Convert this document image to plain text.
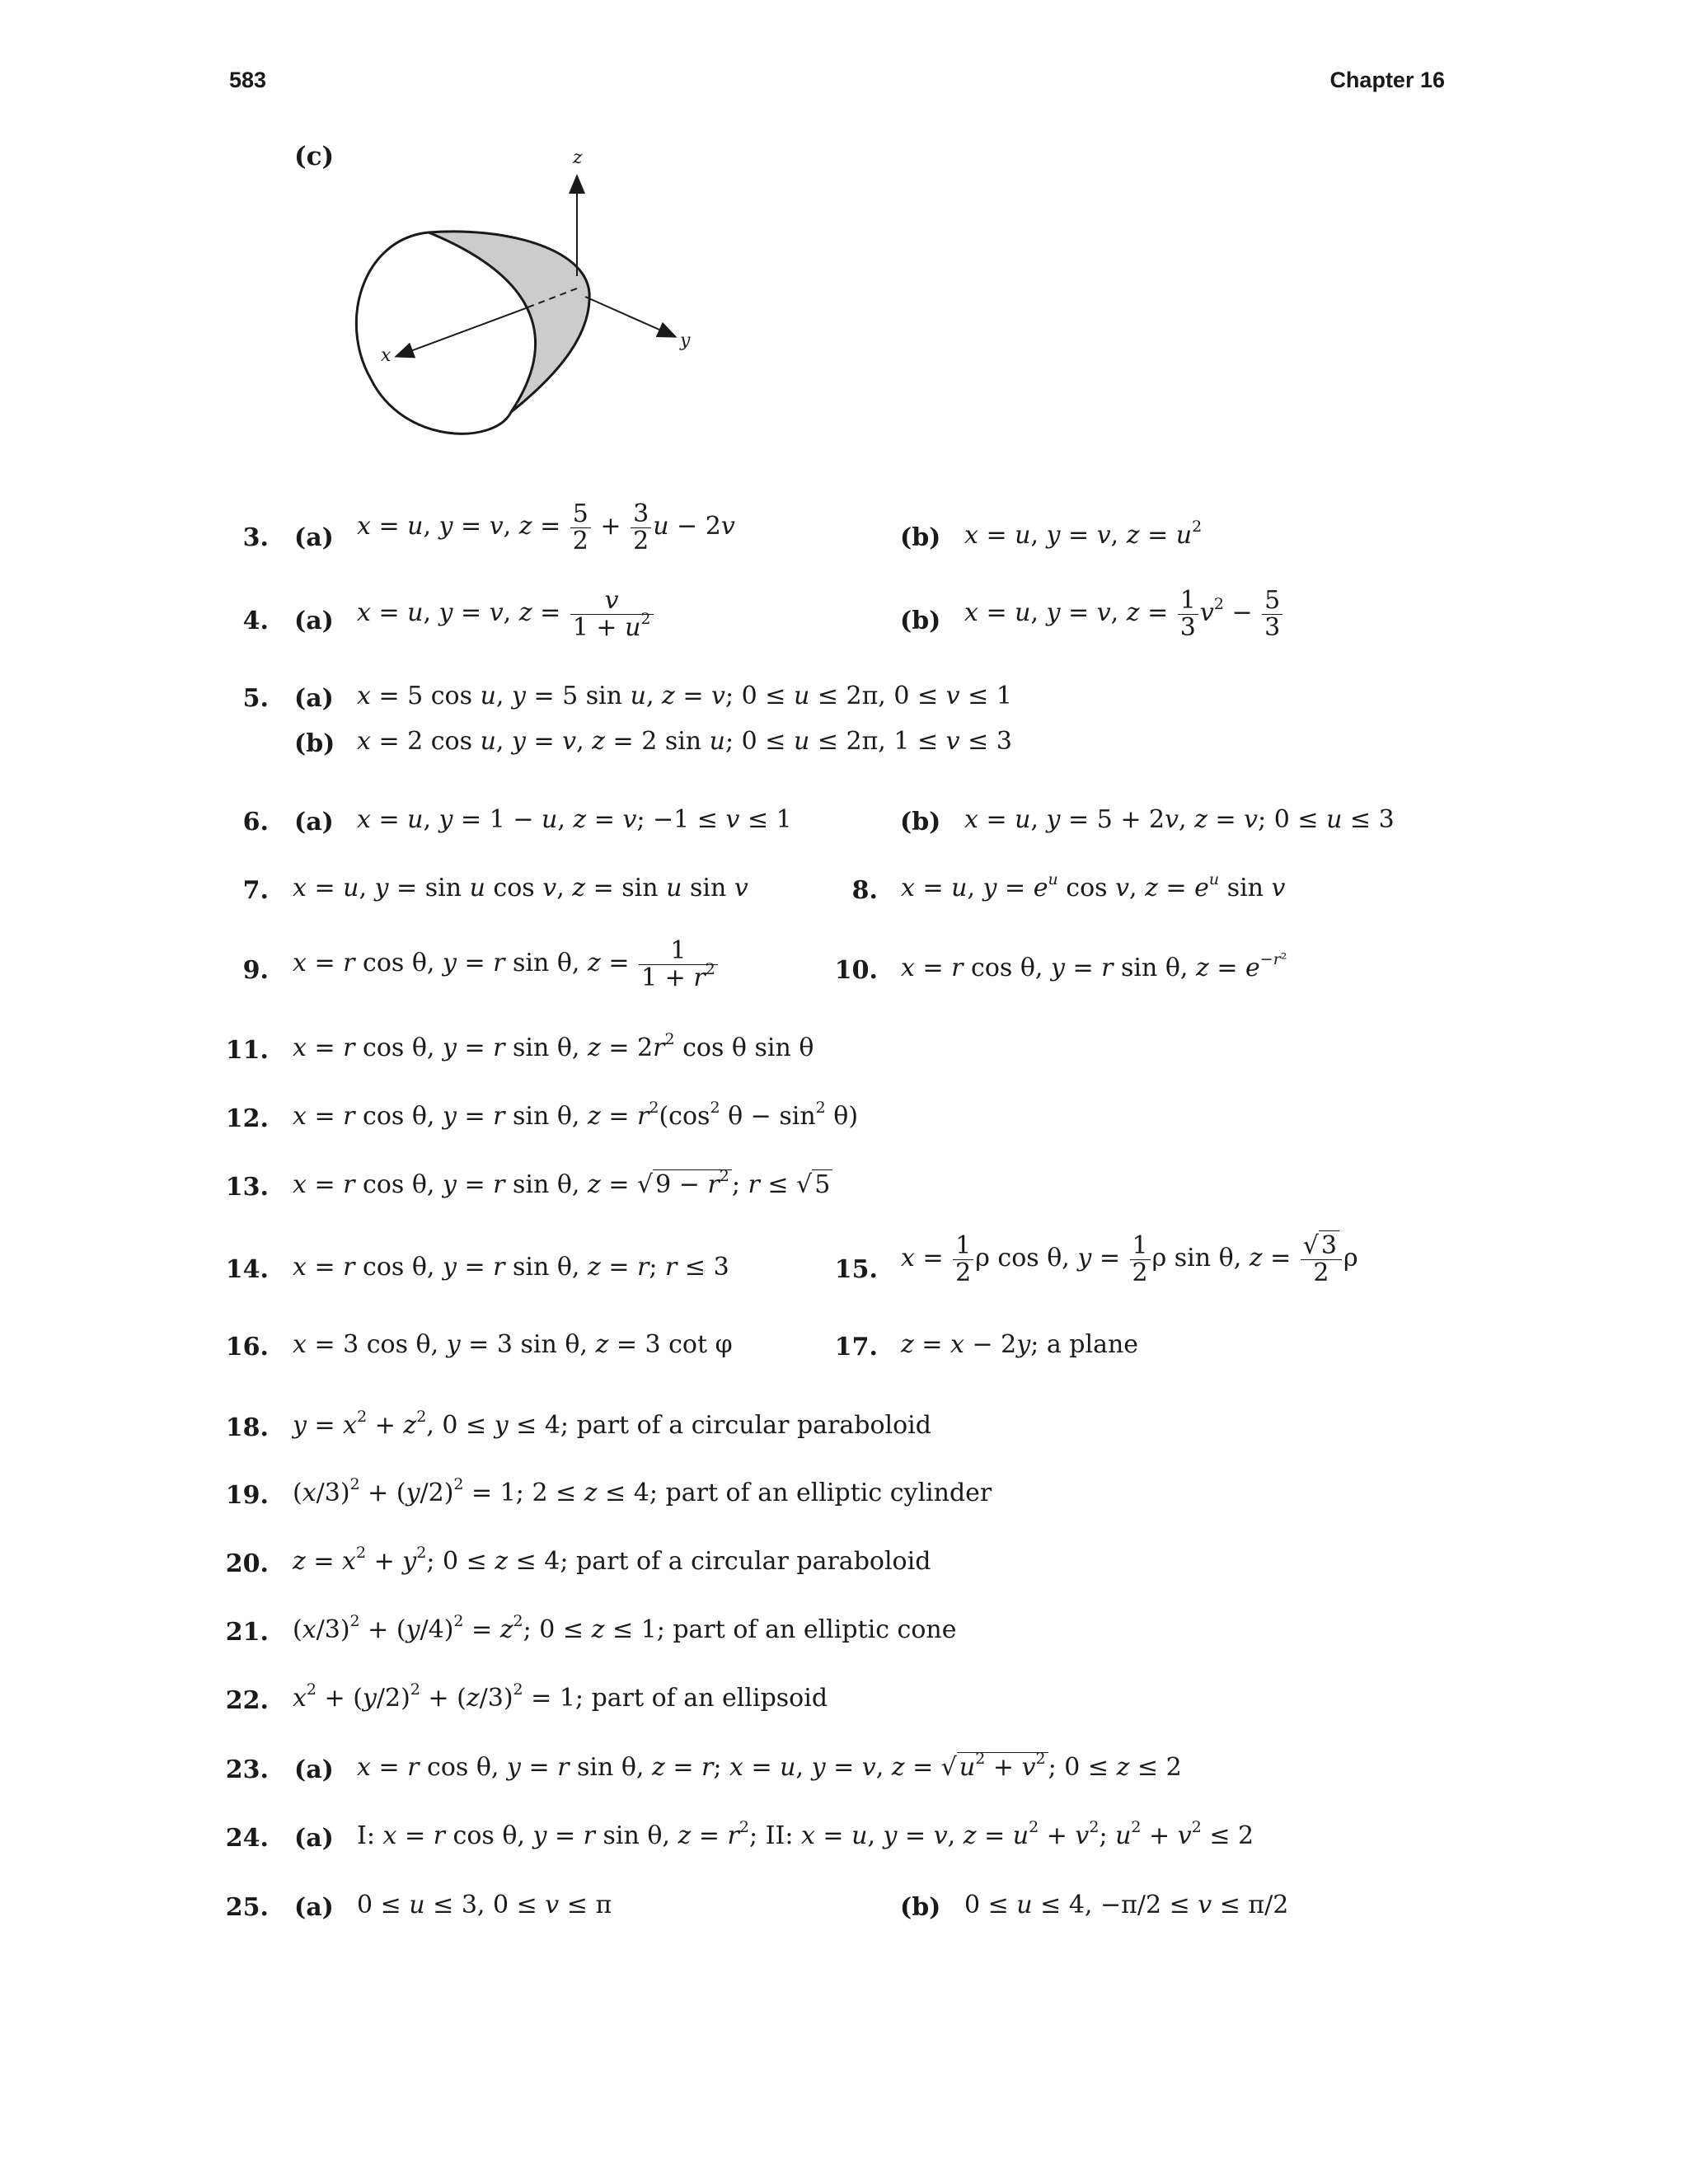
583	Chapter 16
(c)	z
y
x
3. (a) x = u, y = v, $z = \frac{5}{2} + \frac{3}{2}$ u − 2v	(b) x = u, y = v, $z = u^2$
4. (a) x = u, y = v, $z = \frac{v}{1 + u^2}$	(b) x = u, y = v, $z = \frac{1}{3} v^2 - \frac{5}{3}$
5. (a) x = 5 cos u, y = 5 sin u, z = v; 0 ≤ u ≤ 2π, 0 ≤ v ≤ 1
(b) x = 2 cos u, y = v, z = 2 sin u; 0 ≤ u ≤ 2π, 1 ≤ v ≤ 3
6. (a) x = u, y = 1 − u, z = v; −1 ≤ v ≤ 1	(b) x = u, y = 5 + 2v, z = v; 0 ≤ u ≤ 3
7. x = u, y = sin u cos v, z = sin u sin v	8. x = u, $y = e^u$ cos v, $z = e^u$ sin v
9. x = r cos θ, y = r sin θ, $z = \frac{1}{1 + r^2}$	10. x = r cos θ, y = r sin θ, $z = e^{-r^2}$
11. x = r cos θ, y = r sin θ, $z = 2r^2$ cos θ sin θ
12. x = r cos θ, y = r sin θ, $z = r^2(\cos^2$ $\theta - \sin^2 \theta$)
13. x = r cos θ, y = r sin θ, z = √ $9 - r^2$ ; r ≤ √ 5
14. x = r cos θ, y = r sin θ, z = r; r ≤ 3	15. $x = \frac{1}{2}$ ρ cos θ, $y = \frac{1}{2}$ ρ sin θ, $z = \frac{√ 3}{2}$ ρ
16. x = 3 cos θ, y = 3 sin θ, z = 3 cot φ	17. z = x − 2y; a plane
18. $y = x^2 + z^2$, 0 ≤ y ≤ 4; part of a circular paraboloid
19. $(x/3)^2 + (y/2)^2 = 1$; 2 ≤ z ≤ 4; part of an elliptic cylinder
20. $z = x^2 + y^2$; 0 ≤ z ≤ 4; part of a circular paraboloid
21. $(x/3)^2 + (y/4)^2 = z^2$; 0 ≤ z ≤ 1; part of an elliptic cone
22. $x^2 + (y/2)^2 + (z/3)^2 = 1$; part of an ellipsoid
23. (a) x = r cos θ, y = r sin θ, z = r; x = u, y = v, z = √ $u^2 + v^2$ ; 0 ≤ z ≤ 2
24. (a) I: x = r cos θ, y = r sin θ, $z = r^2$; II: x = u, y = v, $z = u^2 + v^2$; $u^2 + v^2 \le 2$
25. (a) 0 ≤ u ≤ 3, 0 ≤ v ≤ π	(b) 0 ≤ u ≤ 4, −π/2 ≤ v ≤ π/2
